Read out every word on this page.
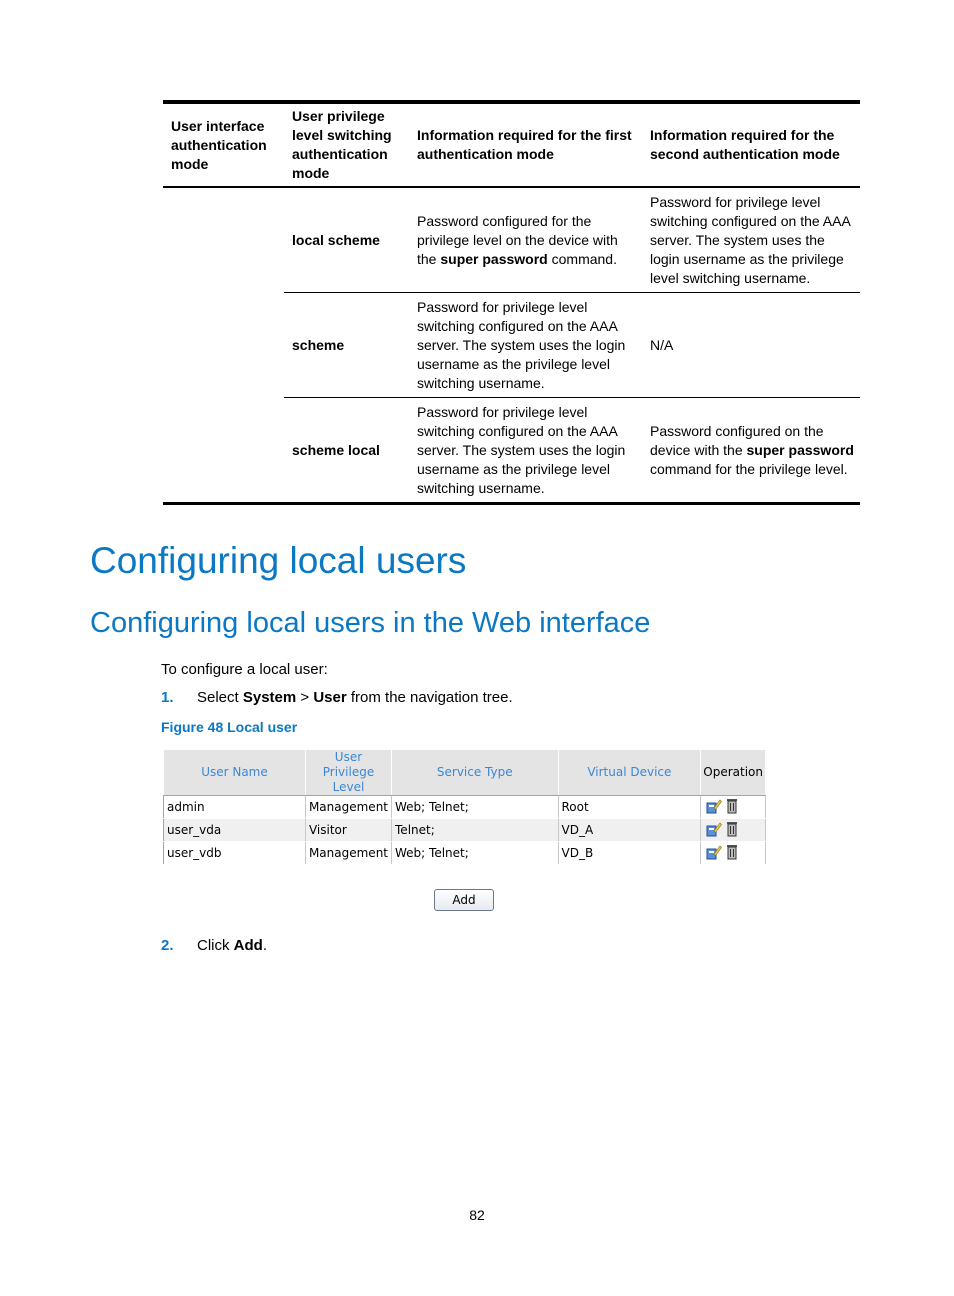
User interface authentication mode	User privilege level switching authentication mode	Information required for the first authentication mode	Information required for the second authentication mode
	local scheme	Password configured for the privilege level on the device with the super password command.	Password for privilege level switching configured on the AAA server. The system uses the login username as the privilege level switching username.
	scheme	Password for privilege level switching configured on the AAA server. The system uses the login username as the privilege level switching username.	N/A
	scheme local	Password for privilege level switching configured on the AAA server. The system uses the login username as the privilege level switching username.	Password configured on the device with the super password command for the privilege level.
Configuring local users
Configuring local users in the Web interface

To configure a local user:

1. Select System > User from the navigation tree.
Figure 48 Local user
User Name	User Privilege Level	Service Type	Virtual Device	Operation
admin	Management	Web; Telnet;	Root	
user_vda	Visitor	Telnet;	VD_A	
user_vdb	Management	Web; Telnet;	VD_B	
Add
2. Click Add.
82
